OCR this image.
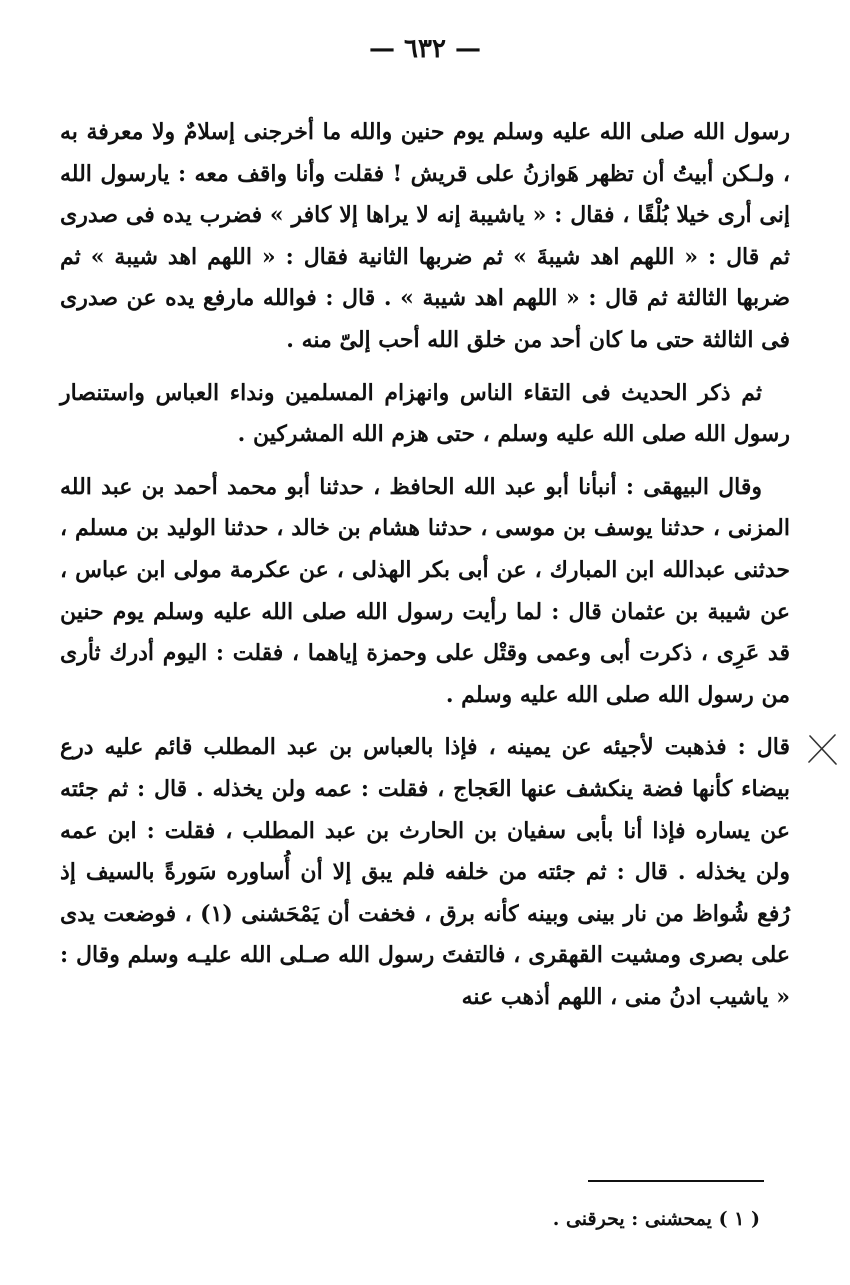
— ٦٣٢ —

رسول الله صلى الله عليه وسلم يوم حنين والله ما أخرجنى إسلامٌ ولا معرفة به ، ولـكن أبيتُ أن تظهر هَوازنُ على قريش ! فقلت وأنا واقف معه : يارسول الله إنى أرى خيلا بُلْقًا ، فقال : « ياشيبة إنه لا يراها إلا كافر » فضرب يده فى صدرى ثم قال : « اللهم اهد شيبةَ » ثم ضربها الثانية فقال : « اللهم اهد شيبة » ثم ضربها الثالثة ثم قال : « اللهم اهد شيبة » . قال : فوالله مارفع يده عن صدرى فى الثالثة حتى ما كان أحد من خلق الله أحب إلىّ منه .

ثم ذكر الحديث فى التقاء الناس وانهزام المسلمين ونداء العباس واستنصار رسول الله صلى الله عليه وسلم ، حتى هزم الله المشركين .

وقال البيهقى : أنبأنا أبو عبد الله الحافظ ، حدثنا أبو محمد أحمد بن عبد الله المزنى ، حدثنا يوسف بن موسى ، حدثنا هشام بن خالد ، حدثنا الوليد بن مسلم ، حدثنى عبدالله ابن المبارك ، عن أبى بكر الهذلى ، عن عكرمة مولى ابن عباس ، عن شيبة بن عثمان قال : لما رأيت رسول الله صلى الله عليه وسلم يوم حنين قد عَرِى ، ذكرت أبى وعمى وقتْل على وحمزة إياهما ، فقلت : اليوم أدرك ثأرى من رسول الله صلى الله عليه وسلم .

قال : فذهبت لأجيئه عن يمينه ، فإذا بالعباس بن عبد المطلب قائم عليه درع بيضاء كأنها فضة ينكشف عنها العَجاج ، فقلت : عمه ولن يخذله . قال : ثم جئته عن يساره فإذا أنا بأبى سفيان بن الحارث بن عبد المطلب ، فقلت : ابن عمه ولن يخذله . قال : ثم جئته من خلفه فلم يبق إلا أن أُساوره سَورةً بالسيف إذ رُفع شُواظ من نار بينى وبينه كأنه برق ، فخفت أن يَمْحَشنى (١) ، فوضعت يدى على بصرى ومشيت القهقرى ، فالتفتَ رسول الله صـلى الله عليـه وسلم وقال : « ياشيب ادنُ منى ، اللهم أذهب عنه

( ١ ) يمحشنى : يحرقنى .
